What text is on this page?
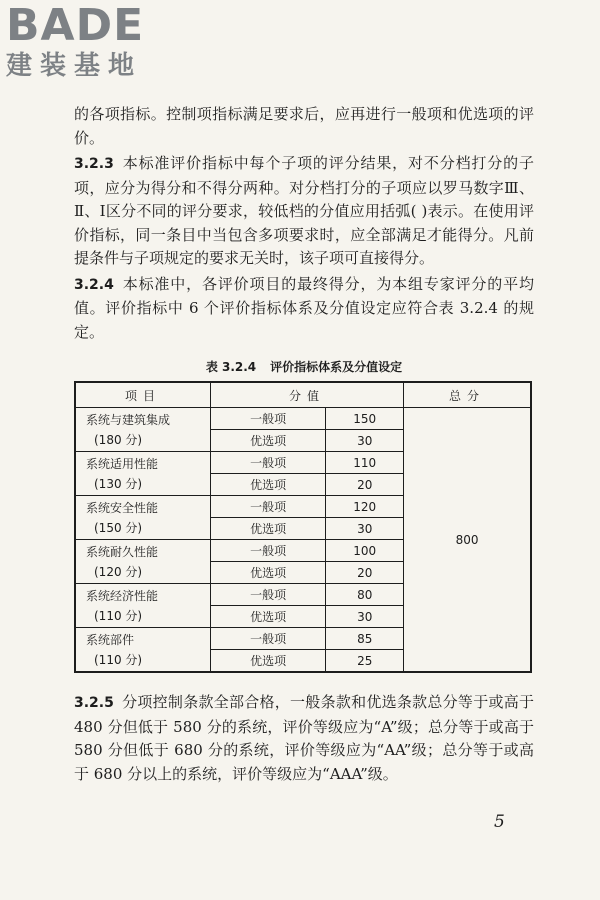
BADE
建装基地

的各项指标。控制项指标满足要求后，应再进行一般项和优选项的评价。

3.2.3 本标准评价指标中每个子项的评分结果，对不分档打分的子项，应分为得分和不得分两种。对分档打分的子项应以罗马数字Ⅲ、Ⅱ、Ⅰ区分不同的评分要求，较低档的分值应用括弧( )表示。在使用评价指标，同一条目中当包含多项要求时，应全部满足才能得分。凡前提条件与子项规定的要求无关时，该子项可直接得分。

3.2.4 本标准中，各评价项目的最终得分，为本组专家评分的平均值。评价指标中 6 个评价指标体系及分值设定应符合表 3.2.4 的规定。

表 3.2.4 评价指标体系及分值设定
项目	分值		总分

系统与建筑集成
(180 分)	一般项	150	800
	优选项	30	

系统适用性能
(130 分)	一般项	110	
	优选项	20	

系统安全性能
(150 分)	一般项	120	
	优选项	30	

系统耐久性能
(120 分)	一般项	100	
	优选项	20	

系统经济性能
(110 分)	一般项	80	
	优选项	30	

系统部件
(110 分)	一般项	85	
	优选项	25	

3.2.5 分项控制条款全部合格，一般条款和优选条款总分等于或高于 480 分但低于 580 分的系统，评价等级应为“A”级；总分等于或高于 580 分但低于 680 分的系统，评价等级应为“AA”级；总分等于或高于 680 分以上的系统，评价等级应为“AAA”级。

5
